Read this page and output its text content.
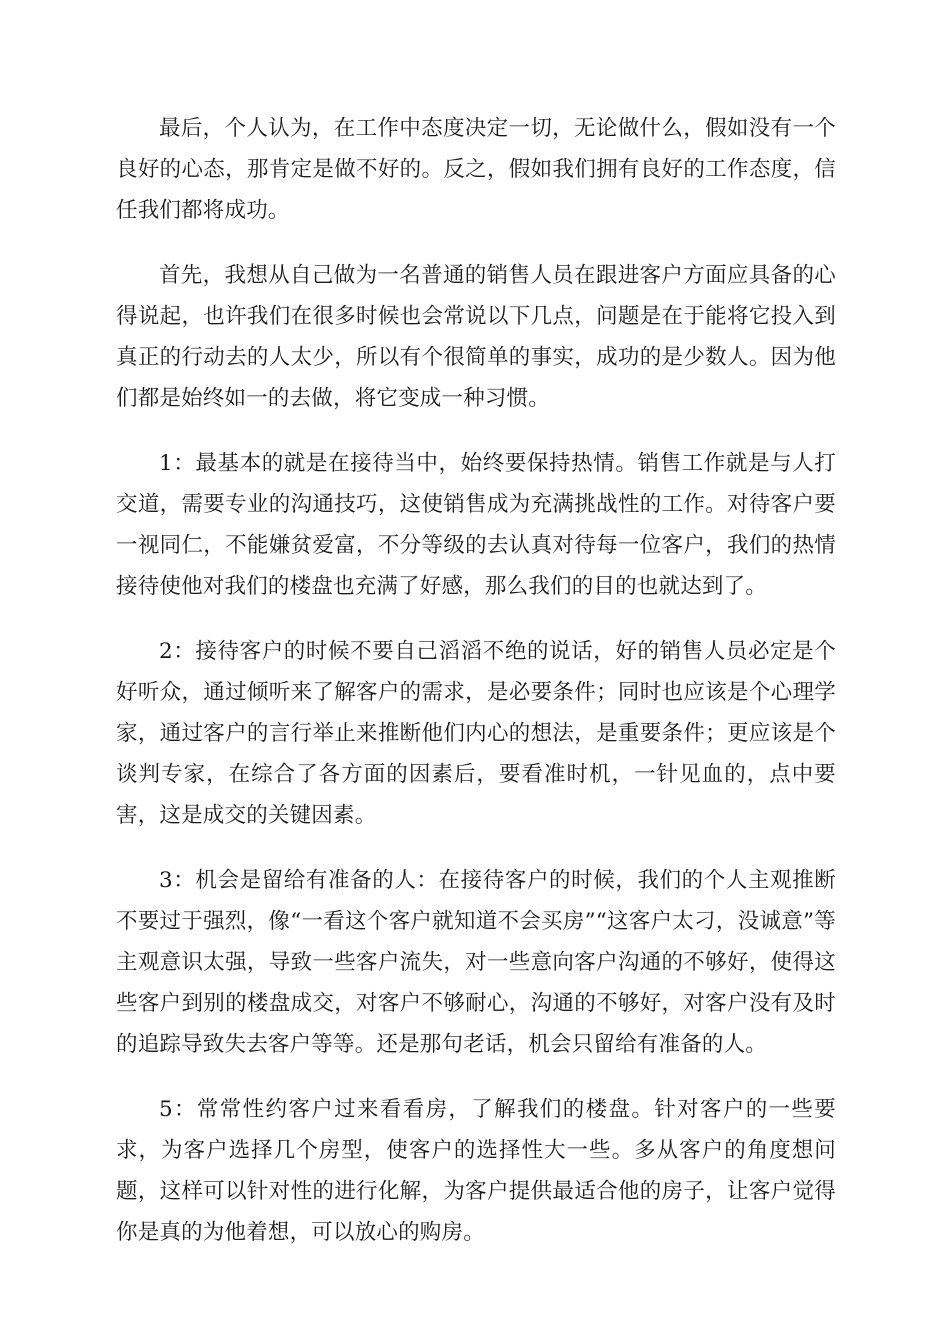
最后，个人认为，在工作中态度决定一切，无论做什么，假如没有一个良好的心态，那肯定是做不好的。反之，假如我们拥有良好的工作态度，信任我们都将成功。

首先，我想从自己做为一名普通的销售人员在跟进客户方面应具备的心得说起，也许我们在很多时候也会常说以下几点，问题是在于能将它投入到真正的行动去的人太少，所以有个很简单的事实，成功的是少数人。因为他们都是始终如一的去做，将它变成一种习惯。

1：最基本的就是在接待当中，始终要保持热情。销售工作就是与人打交道，需要专业的沟通技巧，这使销售成为充满挑战性的工作。对待客户要一视同仁，不能嫌贫爱富，不分等级的去认真对待每一位客户，我们的热情接待使他对我们的楼盘也充满了好感，那么我们的目的也就达到了。

2：接待客户的时候不要自己滔滔不绝的说话，好的销售人员必定是个好听众，通过倾听来了解客户的需求，是必要条件；同时也应该是个心理学家，通过客户的言行举止来推断他们内心的想法，是重要条件；更应该是个谈判专家，在综合了各方面的因素后，要看准时机，一针见血的，点中要害，这是成交的关键因素。

3：机会是留给有准备的人：在接待客户的时候，我们的个人主观推断不要过于强烈，像“一看这个客户就知道不会买房”“这客户太刁，没诚意”等主观意识太强，导致一些客户流失，对一些意向客户沟通的不够好，使得这些客户到别的楼盘成交，对客户不够耐心，沟通的不够好，对客户没有及时的追踪导致失去客户等等。还是那句老话，机会只留给有准备的人。

5：常常性约客户过来看看房，了解我们的楼盘。针对客户的一些要求，为客户选择几个房型，使客户的选择性大一些。多从客户的角度想问题，这样可以针对性的进行化解，为客户提供最适合他的房子，让客户觉得你是真的为他着想，可以放心的购房。
